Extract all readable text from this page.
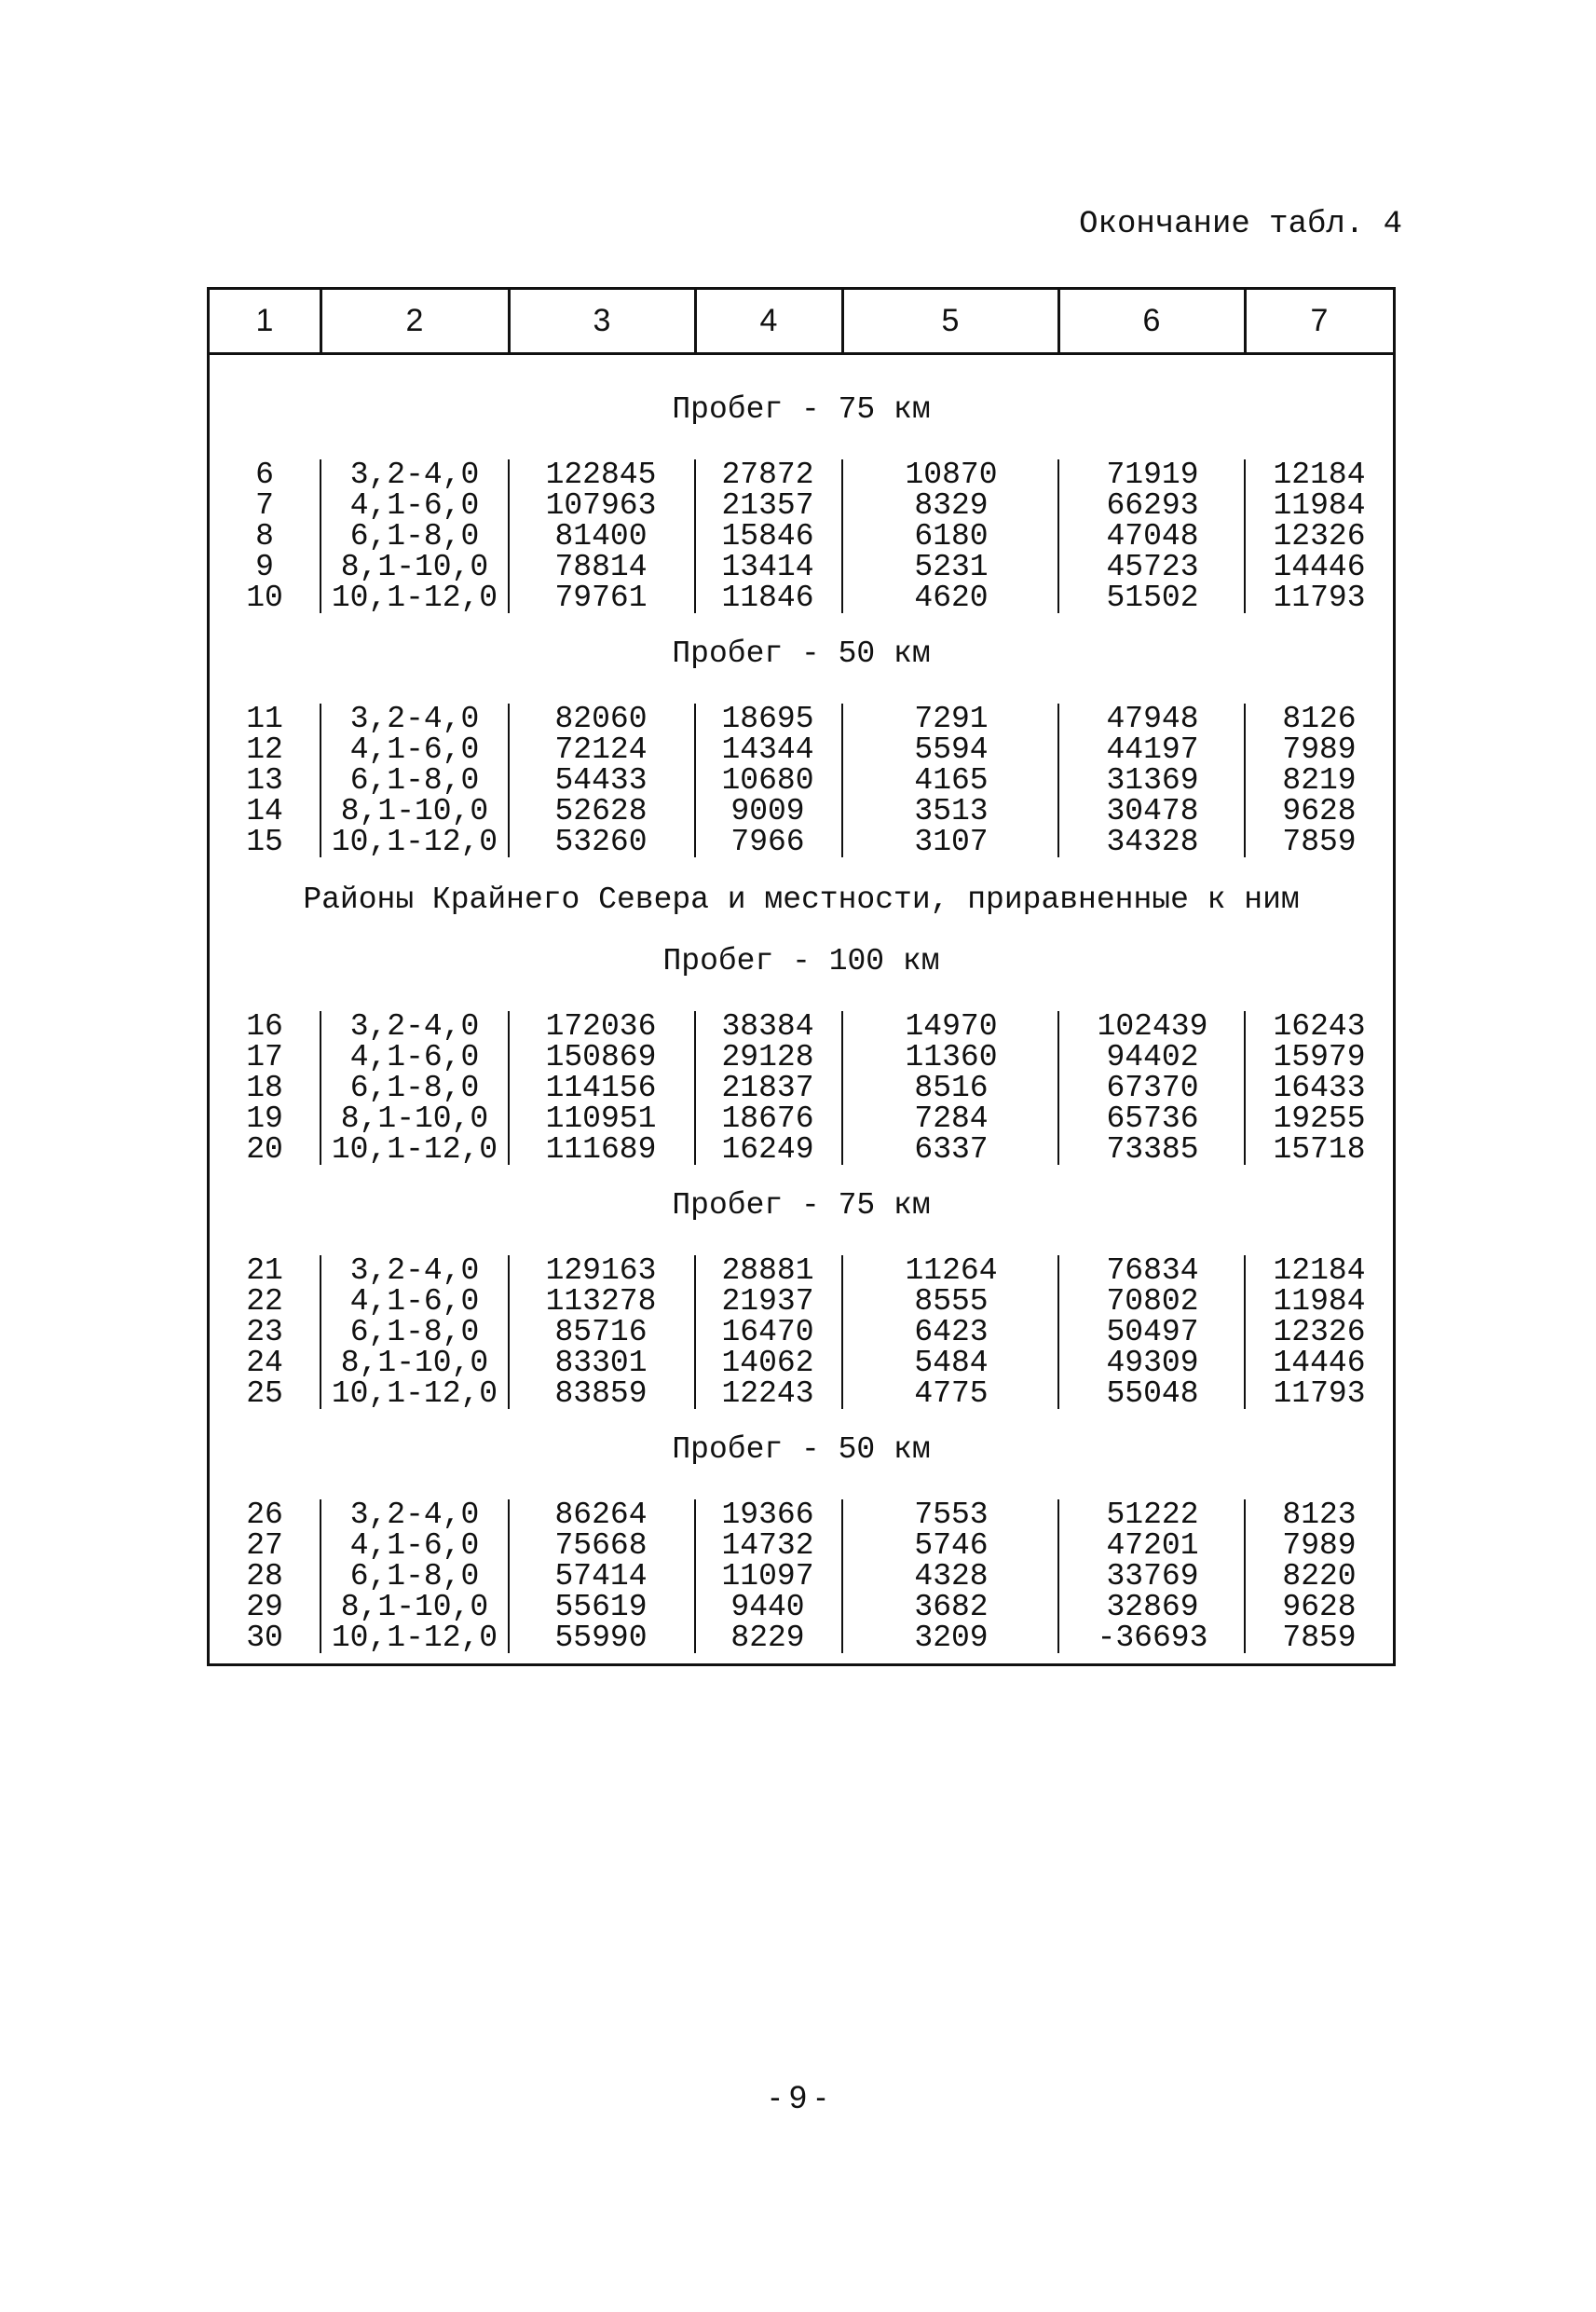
Окончание табл. 4
1	2	3	4	5	6	7
Пробег - 75 км
6	3,2-4,0	122845	27872	10870	71919	12184
7	4,1-6,0	107963	21357	8329	66293	11984
8	6,1-8,0	81400	15846	6180	47048	12326
9	8,1-10,0	78814	13414	5231	45723	14446
10	10,1-12,0	79761	11846	4620	51502	11793
Пробег - 50 км
11	3,2-4,0	82060	18695	7291	47948	8126
12	4,1-6,0	72124	14344	5594	44197	7989
13	6,1-8,0	54433	10680	4165	31369	8219
14	8,1-10,0	52628	9009	3513	30478	9628
15	10,1-12,0	53260	7966	3107	34328	7859
Районы Крайнего Севера и местности, приравненные к ним
Пробег - 100 км
16	3,2-4,0	172036	38384	14970	102439	16243
17	4,1-6,0	150869	29128	11360	94402	15979
18	6,1-8,0	114156	21837	8516	67370	16433
19	8,1-10,0	110951	18676	7284	65736	19255
20	10,1-12,0	111689	16249	6337	73385	15718
Пробег - 75 км
21	3,2-4,0	129163	28881	11264	76834	12184
22	4,1-6,0	113278	21937	8555	70802	11984
23	6,1-8,0	85716	16470	6423	50497	12326
24	8,1-10,0	83301	14062	5484	49309	14446
25	10,1-12,0	83859	12243	4775	55048	11793
Пробег - 50 км
26	3,2-4,0	86264	19366	7553	51222	8123
27	4,1-6,0	75668	14732	5746	47201	7989
28	6,1-8,0	57414	11097	4328	33769	8220
29	8,1-10,0	55619	9440	3682	32869	9628
30	10,1-12,0	55990	8229	3209	-36693	7859
- 9 -
